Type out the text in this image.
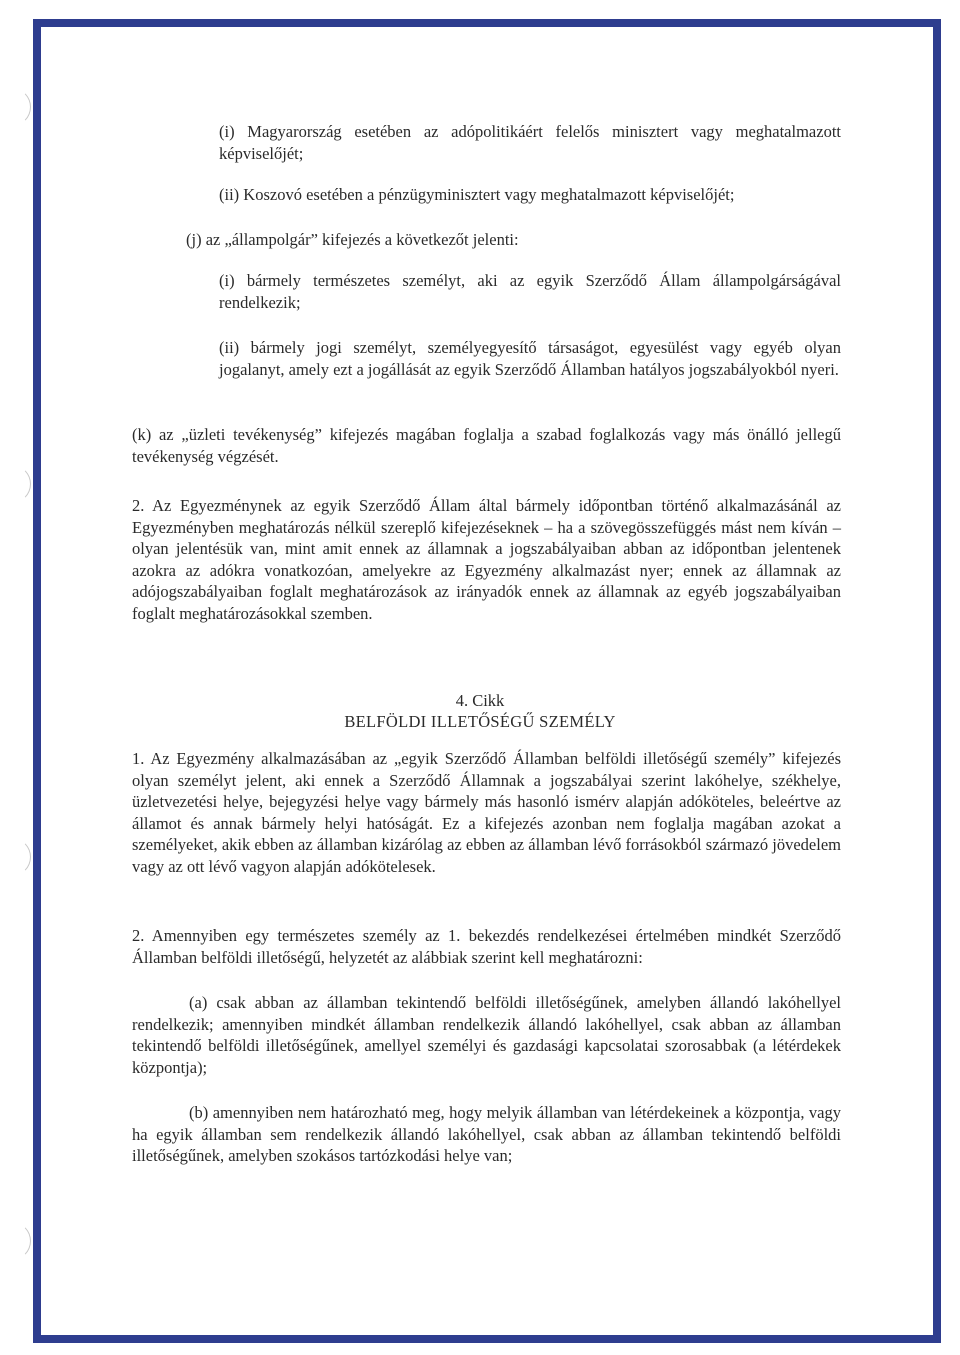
(i) Magyarország esetében az adópolitikáért felelős minisztert vagy meghatalmazott képviselőjét;

(ii) Koszovó esetében a pénzügyminisztert vagy meghatalmazott képviselőjét;

(j) az „állampolgár” kifejezés a következőt jelenti:

(i) bármely természetes személyt, aki az egyik Szerződő Állam állampolgárságával rendelkezik;

(ii) bármely jogi személyt, személyegyesítő társaságot, egyesülést vagy egyéb olyan jogalanyt, amely ezt a jogállását az egyik Szerződő Államban hatályos jogszabályokból nyeri.

(k) az „üzleti tevékenység” kifejezés magában foglalja a szabad foglalkozás vagy más önálló jellegű tevékenység végzését.

2. Az Egyezménynek az egyik Szerződő Állam által bármely időpontban történő alkalmazásánál az Egyezményben meghatározás nélkül szereplő kifejezéseknek – ha a szövegösszefüggés mást nem kíván – olyan jelentésük van, mint amit ennek az államnak a jogszabályaiban abban az időpontban jelentenek azokra az adókra vonatkozóan, amelyekre az Egyezmény alkalmazást nyer; ennek az államnak az adójogszabályaiban foglalt meghatározások az irányadók ennek az államnak az egyéb jogszabályaiban foglalt meghatározásokkal szemben.

4. Cikk
BELFÖLDI ILLETŐSÉGŰ SZEMÉLY

1. Az Egyezmény alkalmazásában az „egyik Szerződő Államban belföldi illetőségű személy” kifejezés olyan személyt jelent, aki ennek a Szerződő Államnak a jogszabályai szerint lakóhelye, székhelye, üzletvezetési helye, bejegyzési helye vagy bármely más hasonló ismérv alapján adóköteles, beleértve az államot és annak bármely helyi hatóságát. Ez a kifejezés azonban nem foglalja magában azokat a személyeket, akik ebben az államban kizárólag az ebben az államban lévő forrásokból származó jövedelem vagy az ott lévő vagyon alapján adókötelesek.

2. Amennyiben egy természetes személy az 1. bekezdés rendelkezései értelmében mindkét Szerződő Államban belföldi illetőségű, helyzetét az alábbiak szerint kell meghatározni:

(a) csak abban az államban tekintendő belföldi illetőségűnek, amelyben állandó lakóhellyel rendelkezik; amennyiben mindkét államban rendelkezik állandó lakóhellyel, csak abban az államban tekintendő belföldi illetőségűnek, amellyel személyi és gazdasági kapcsolatai szorosabbak (a létérdekek központja);

(b) amennyiben nem határozható meg, hogy melyik államban van létérdekeinek a központja, vagy ha egyik államban sem rendelkezik állandó lakóhellyel, csak abban az államban tekintendő belföldi illetőségűnek, amelyben szokásos tartózkodási helye van;
